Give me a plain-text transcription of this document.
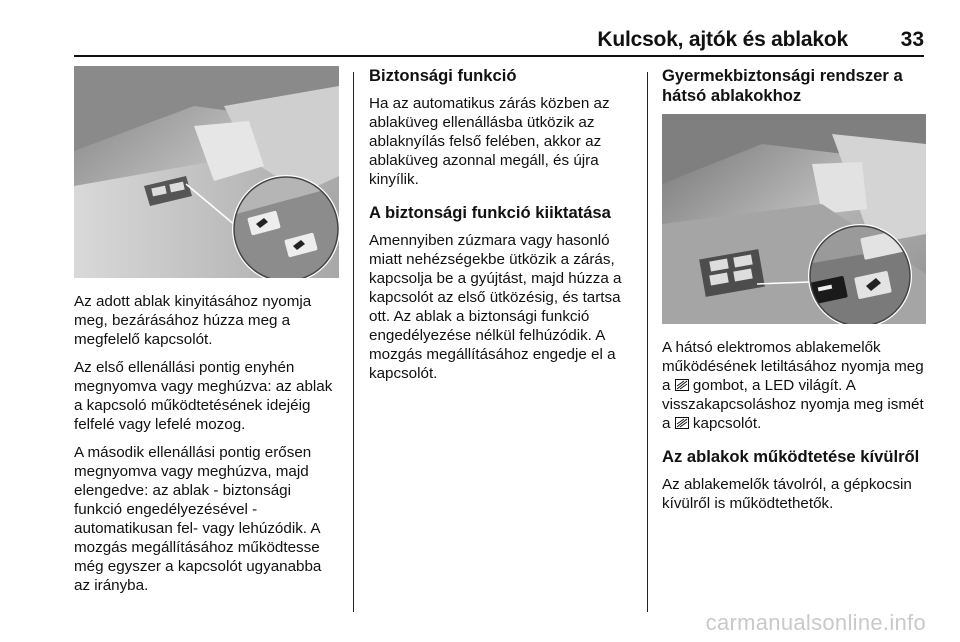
Kulcsok, ajtók és ablakok	33

Az adott ablak kinyitásához nyomja meg, bezárásához húzza meg a megfelelő kapcsolót.

Az első ellenállási pontig enyhén megnyomva vagy meghúzva: az ablak a kapcsoló működtetésének idejéig felfelé vagy lefelé mozog.

A második ellenállási pontig erősen megnyomva vagy meghúzva, majd elengedve: az ablak - biztonsági funkció engedélyezésével - automatikusan fel- vagy lehúzódik. A mozgás megállításához működtesse még egyszer a kapcsolót ugyanabba az irányba.

Biztonsági funkció

Ha az automatikus zárás közben az ablaküveg ellenállásba ütközik az ablaknyílás felső felében, akkor az ablaküveg azonnal megáll, és újra kinyílik.

A biztonsági funkció kiiktatása

Amennyiben zúzmara vagy hasonló miatt nehézségekbe ütközik a zárás, kapcsolja be a gyújtást, majd húzza a kapcsolót az első ütközésig, és tartsa ott. Az ablak a biztonsági funkció engedélyezése nélkül felhúzódik. A mozgás megállításához engedje el a kapcsolót.

Gyermekbiztonsági rendszer a hátsó ablakokhoz

A hátsó elektromos ablakemelők működésének letiltásához nyomja meg a gombot, a LED világít. A visszakapcsoláshoz nyomja meg ismét a kapcsolót.

Az ablakok működtetése kívülről

Az ablakemelők távolról, a gépkocsin kívülről is működtethetők.

carmanualsonline.info
